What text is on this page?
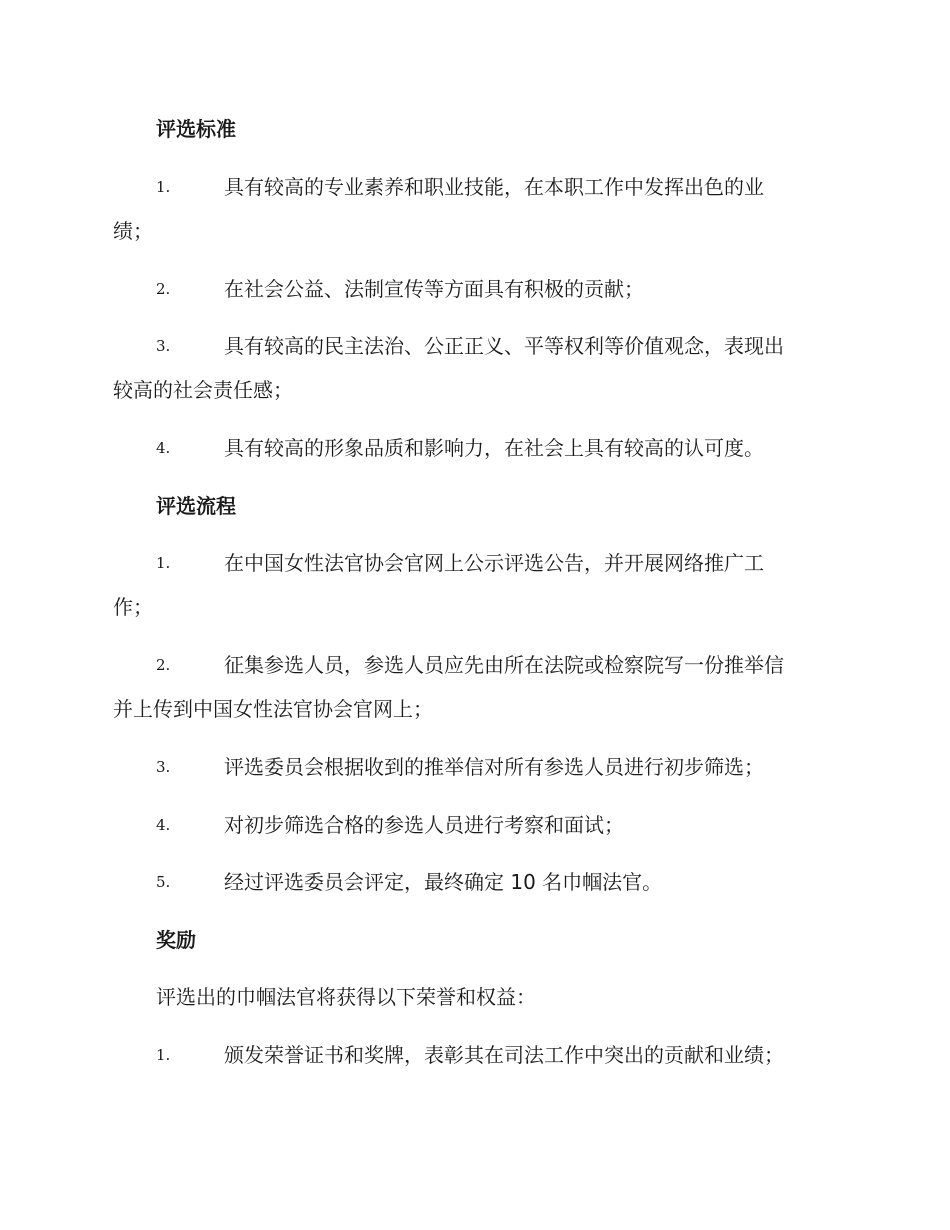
评选标准
1.	具有较高的专业素养和职业技能，在本职工作中发挥出色的业
绩；
2.	在社会公益、法制宣传等方面具有积极的贡献；
3.	具有较高的民主法治、公正正义、平等权利等价值观念，表现出
较高的社会责任感；
4.	具有较高的形象品质和影响力，在社会上具有较高的认可度。
评选流程
1.	在中国女性法官协会官网上公示评选公告，并开展网络推广工
作；
2.	征集参选人员，参选人员应先由所在法院或检察院写一份推举信
并上传到中国女性法官协会官网上；
3.	评选委员会根据收到的推举信对所有参选人员进行初步筛选；
4.	对初步筛选合格的参选人员进行考察和面试；
5.	经过评选委员会评定，最终确定 10 名巾帼法官。
奖励
评选出的巾帼法官将获得以下荣誉和权益：
1.	颁发荣誉证书和奖牌，表彰其在司法工作中突出的贡献和业绩；
